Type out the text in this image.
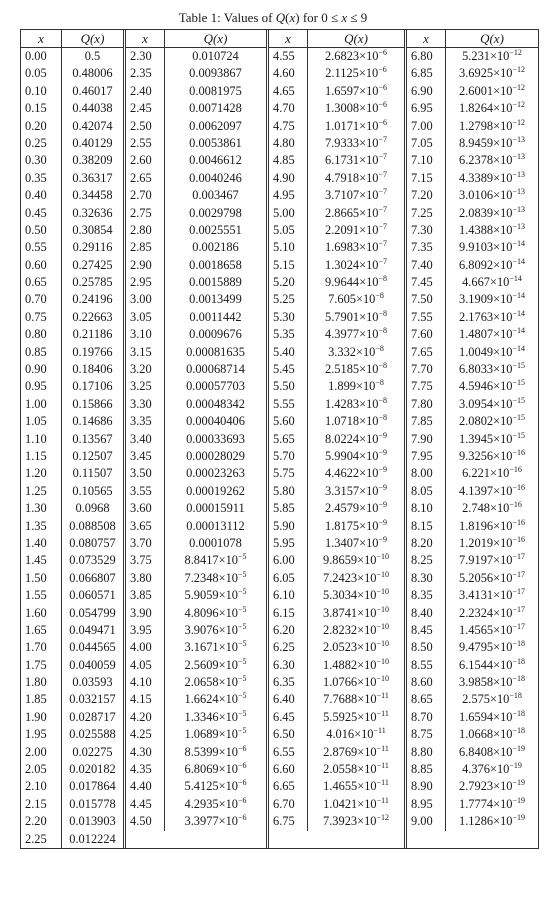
Table 1: Values of Q(x) for 0 ≤ x ≤ 9
x	Q(x)
0.00	0.5
0.05	0.48006
0.10	0.46017
0.15	0.44038
0.20	0.42074
0.25	0.40129
0.30	0.38209
0.35	0.36317
0.40	0.34458
0.45	0.32636
0.50	0.30854
0.55	0.29116
0.60	0.27425
0.65	0.25785
0.70	0.24196
0.75	0.22663
0.80	0.21186
0.85	0.19766
0.90	0.18406
0.95	0.17106
1.00	0.15866
1.05	0.14686
1.10	0.13567
1.15	0.12507
1.20	0.11507
1.25	0.10565
1.30	0.0968
1.35	0.088508
1.40	0.080757
1.45	0.073529
1.50	0.066807
1.55	0.060571
1.60	0.054799
1.65	0.049471
1.70	0.044565
1.75	0.040059
1.80	0.03593
1.85	0.032157
1.90	0.028717
1.95	0.025588
2.00	0.02275
2.05	0.020182
2.10	0.017864
2.15	0.015778
2.20	0.013903
2.25	0.012224
x	Q(x)
2.30	0.010724
2.35	0.0093867
2.40	0.0081975
2.45	0.0071428
2.50	0.0062097
2.55	0.0053861
2.60	0.0046612
2.65	0.0040246
2.70	0.003467
2.75	0.0029798
2.80	0.0025551
2.85	0.002186
2.90	0.0018658
2.95	0.0015889
3.00	0.0013499
3.05	0.0011442
3.10	0.0009676
3.15	0.00081635
3.20	0.00068714
3.25	0.00057703
3.30	0.00048342
3.35	0.00040406
3.40	0.00033693
3.45	0.00028029
3.50	0.00023263
3.55	0.00019262
3.60	0.00015911
3.65	0.00013112
3.70	0.0001078
3.75	$8.8417\times 10^{-5}$
3.80	$7.2348\times 10^{-5}$
3.85	$5.9059\times 10^{-5}$
3.90	$4.8096\times 10^{-5}$
3.95	$3.9076\times 10^{-5}$
4.00	$3.1671\times 10^{-5}$
4.05	$2.5609\times 10^{-5}$
4.10	$2.0658\times 10^{-5}$
4.15	$1.6624\times 10^{-5}$
4.20	$1.3346\times 10^{-5}$
4.25	$1.0689\times 10^{-5}$
4.30	$8.5399\times 10^{-6}$
4.35	$6.8069\times 10^{-6}$
4.40	$5.4125\times 10^{-6}$
4.45	$4.2935\times 10^{-6}$
4.50	$3.3977\times 10^{-6}$
x	Q(x)
4.55	$2.6823\times 10^{-6}$
4.60	$2.1125\times 10^{-6}$
4.65	$1.6597\times 10^{-6}$
4.70	$1.3008\times 10^{-6}$
4.75	$1.0171\times 10^{-6}$
4.80	$7.9333\times 10^{-7}$
4.85	$6.1731\times 10^{-7}$
4.90	$4.7918\times 10^{-7}$
4.95	$3.7107\times 10^{-7}$
5.00	$2.8665\times 10^{-7}$
5.05	$2.2091\times 10^{-7}$
5.10	$1.6983\times 10^{-7}$
5.15	$1.3024\times 10^{-7}$
5.20	$9.9644\times 10^{-8}$
5.25	$7.605\times 10^{-8}$
5.30	$5.7901\times 10^{-8}$
5.35	$4.3977\times 10^{-8}$
5.40	$3.332\times 10^{-8}$
5.45	$2.5185\times 10^{-8}$
5.50	$1.899\times 10^{-8}$
5.55	$1.4283\times 10^{-8}$
5.60	$1.0718\times 10^{-8}$
5.65	$8.0224\times 10^{-9}$
5.70	$5.9904\times 10^{-9}$
5.75	$4.4622\times 10^{-9}$
5.80	$3.3157\times 10^{-9}$
5.85	$2.4579\times 10^{-9}$
5.90	$1.8175\times 10^{-9}$
5.95	$1.3407\times 10^{-9}$
6.00	$9.8659\times 10^{-10}$
6.05	$7.2423\times 10^{-10}$
6.10	$5.3034\times 10^{-10}$
6.15	$3.8741\times 10^{-10}$
6.20	$2.8232\times 10^{-10}$
6.25	$2.0523\times 10^{-10}$
6.30	$1.4882\times 10^{-10}$
6.35	$1.0766\times 10^{-10}$
6.40	$7.7688\times 10^{-11}$
6.45	$5.5925\times 10^{-11}$
6.50	$4.016\times 10^{-11}$
6.55	$2.8769\times 10^{-11}$
6.60	$2.0558\times 10^{-11}$
6.65	$1.4655\times 10^{-11}$
6.70	$1.0421\times 10^{-11}$
6.75	$7.3923\times 10^{-12}$
x	Q(x)
6.80	$5.231\times 10^{-12}$
6.85	$3.6925\times 10^{-12}$
6.90	$2.6001\times 10^{-12}$
6.95	$1.8264\times 10^{-12}$
7.00	$1.2798\times 10^{-12}$
7.05	$8.9459\times 10^{-13}$
7.10	$6.2378\times 10^{-13}$
7.15	$4.3389\times 10^{-13}$
7.20	$3.0106\times 10^{-13}$
7.25	$2.0839\times 10^{-13}$
7.30	$1.4388\times 10^{-13}$
7.35	$9.9103\times 10^{-14}$
7.40	$6.8092\times 10^{-14}$
7.45	$4.667\times 10^{-14}$
7.50	$3.1909\times 10^{-14}$
7.55	$2.1763\times 10^{-14}$
7.60	$1.4807\times 10^{-14}$
7.65	$1.0049\times 10^{-14}$
7.70	$6.8033\times 10^{-15}$
7.75	$4.5946\times 10^{-15}$
7.80	$3.0954\times 10^{-15}$
7.85	$2.0802\times 10^{-15}$
7.90	$1.3945\times 10^{-15}$
7.95	$9.3256\times 10^{-16}$
8.00	$6.221\times 10^{-16}$
8.05	$4.1397\times 10^{-16}$
8.10	$2.748\times 10^{-16}$
8.15	$1.8196\times 10^{-16}$
8.20	$1.2019\times 10^{-16}$
8.25	$7.9197\times 10^{-17}$
8.30	$5.2056\times 10^{-17}$
8.35	$3.4131\times 10^{-17}$
8.40	$2.2324\times 10^{-17}$
8.45	$1.4565\times 10^{-17}$
8.50	$9.4795\times 10^{-18}$
8.55	$6.1544\times 10^{-18}$
8.60	$3.9858\times 10^{-18}$
8.65	$2.575\times 10^{-18}$
8.70	$1.6594\times 10^{-18}$
8.75	$1.0668\times 10^{-18}$
8.80	$6.8408\times 10^{-19}$
8.85	$4.376\times 10^{-19}$
8.90	$2.7923\times 10^{-19}$
8.95	$1.7774\times 10^{-19}$
9.00	$1.1286\times 10^{-19}$
